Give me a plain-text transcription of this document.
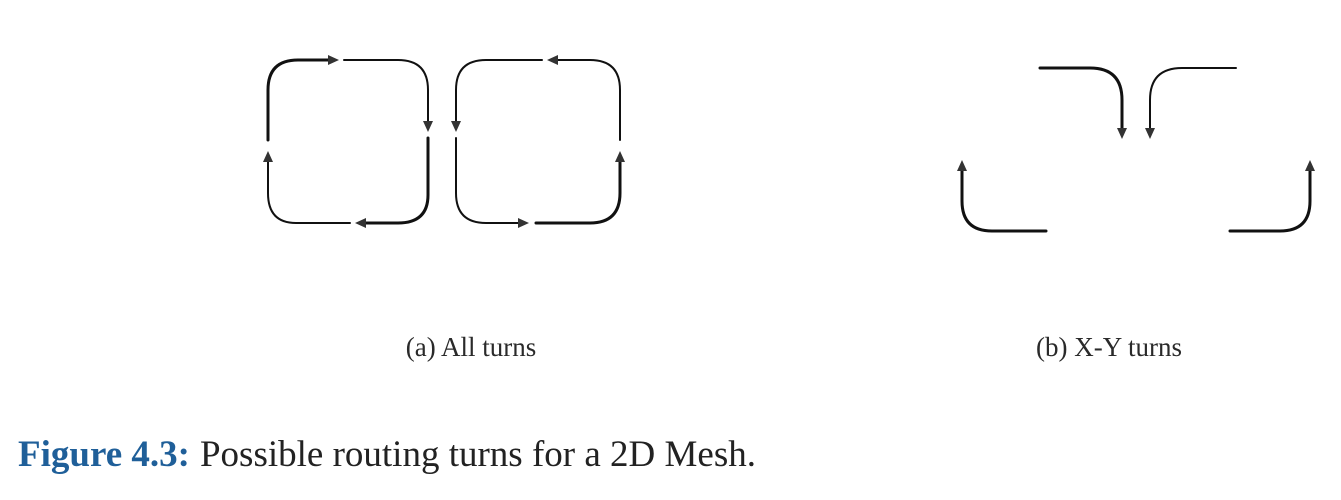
(a) All turns	(b) X-Y turns
Figure 4.3: Possible routing turns for a 2D Mesh.
